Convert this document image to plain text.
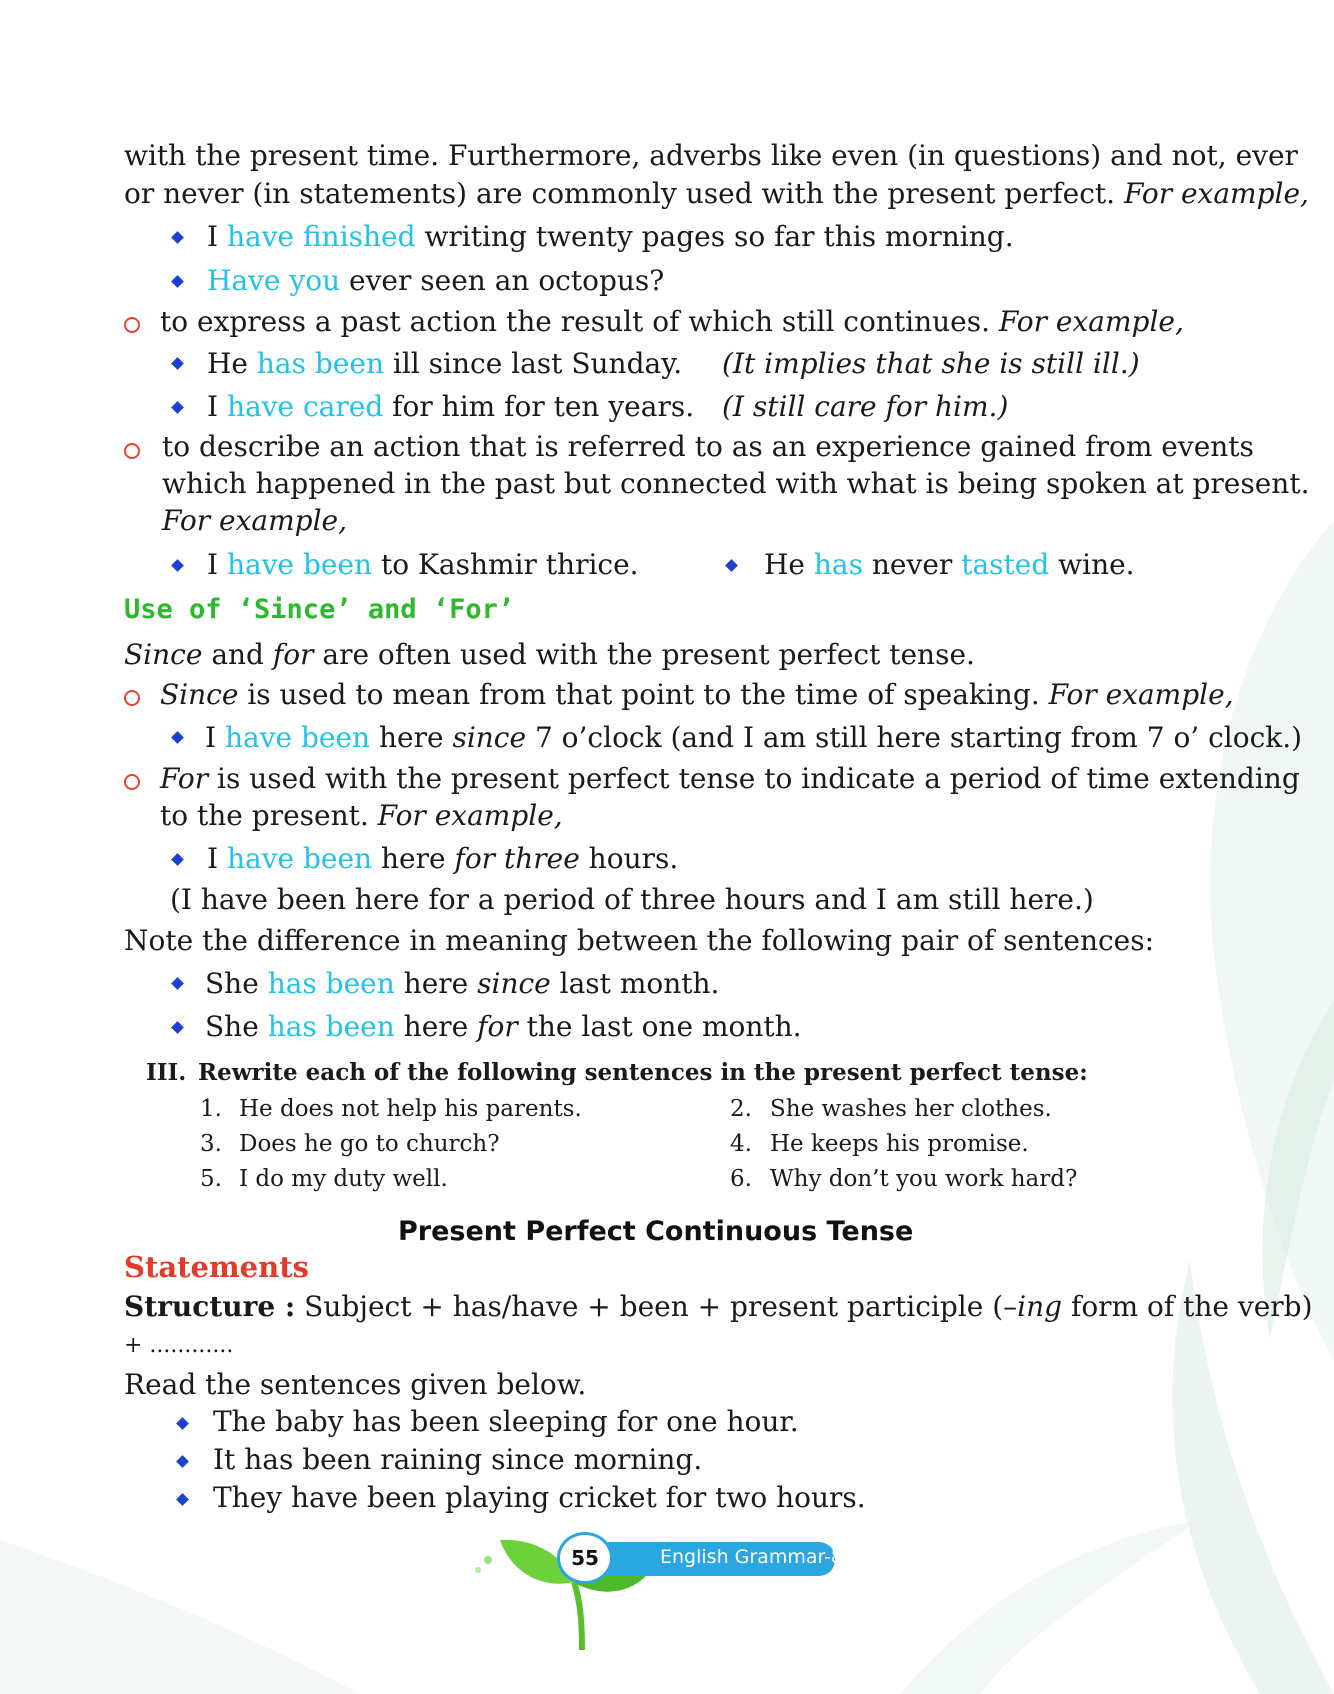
with the present time. Furthermore, adverbs like even (in questions) and not, ever
or never (in statements) are commonly used with the present perfect. For example,
I have finished writing twenty pages so far this morning.
Have you ever seen an octopus?
to express a past action the result of which still continues. For example,
He has been ill since last Sunday. (It implies that she is still ill.)
I have cared for him for ten years. (I still care for him.)
to describe an action that is referred to as an experience gained from events
which happened in the past but connected with what is being spoken at present.
For example,
I have been to Kashmir thrice.	He has never tasted wine.
Use of ‘Since’ and ‘For’
Since and for are often used with the present perfect tense.
Since is used to mean from that point to the time of speaking. For example,
I have been here since 7 o’clock (and I am still here starting from 7 o’ clock.)
For is used with the present perfect tense to indicate a period of time extending
to the present. For example,
I have been here for three hours.
(I have been here for a period of three hours and I am still here.)
Note the difference in meaning between the following pair of sentences:
She has been here since last month.
She has been here for the last one month.
III. Rewrite each of the following sentences in the present perfect tense:
1. He does not help his parents.	2. She washes her clothes.
3. Does he go to church?	4. He keeps his promise.
5. I do my duty well.	6. Why don’t you work hard?
Present Perfect Continuous Tense
Statements
Structure : Subject + has/have + been + present participle (–ing form of the verb)
+ ............
Read the sentences given below.
The baby has been sleeping for one hour.
It has been raining since morning.
They have been playing cricket for two hours.
English Grammar-8
55
